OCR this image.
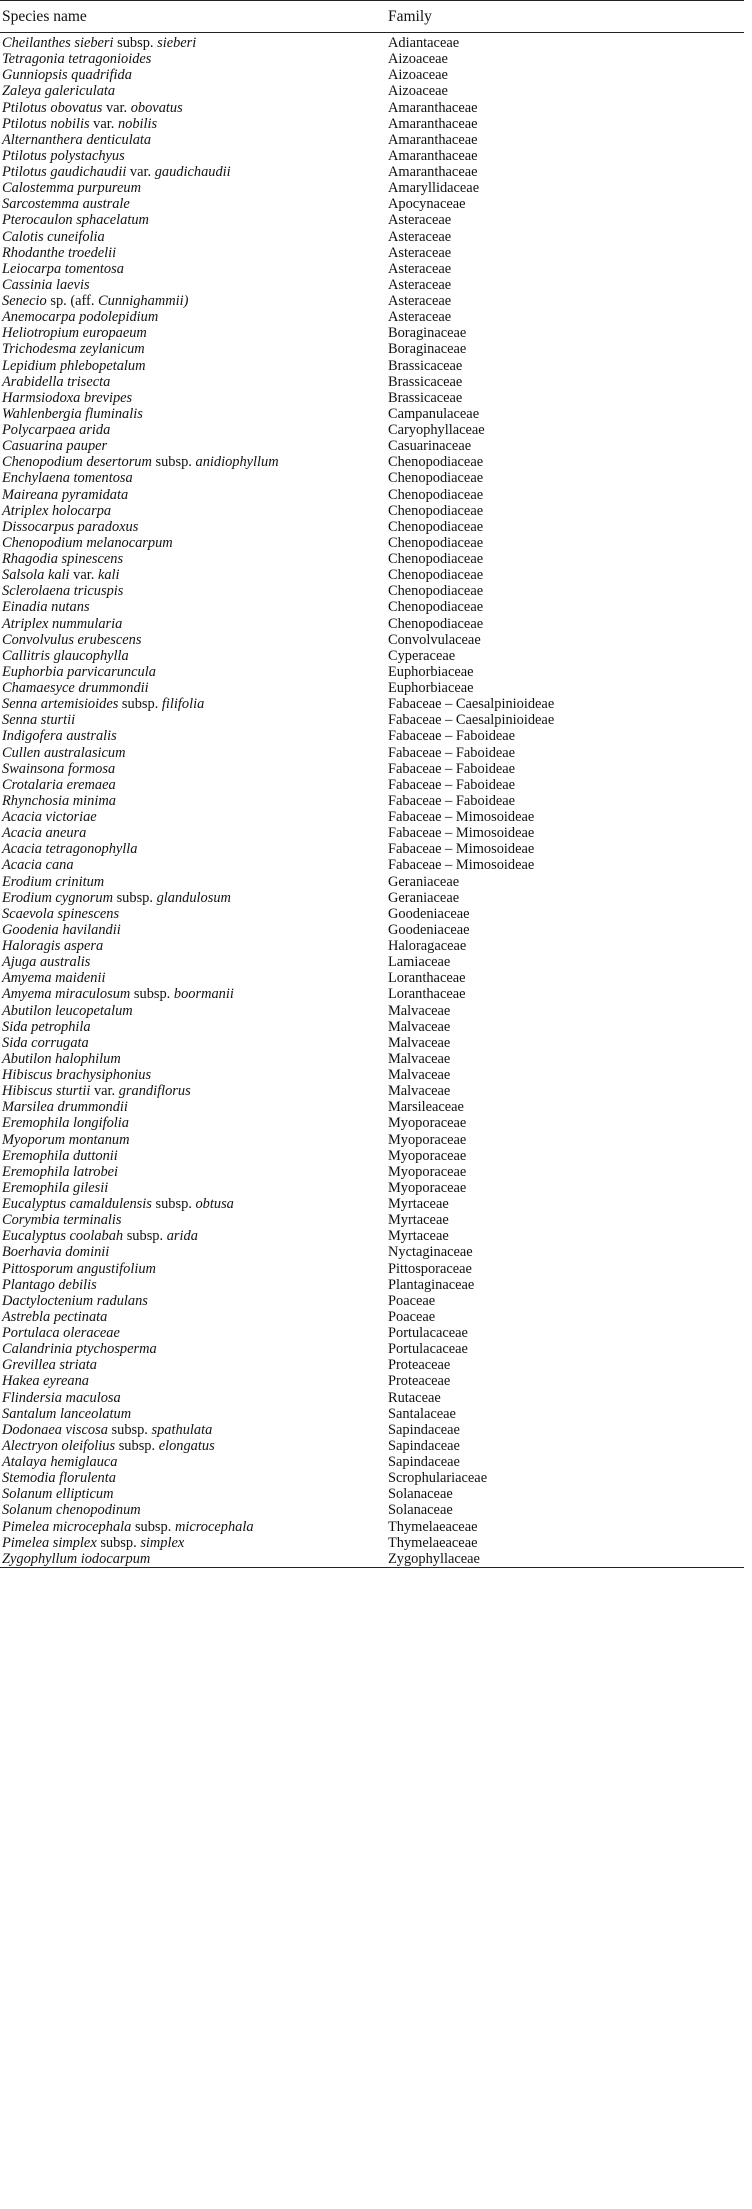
Species name	Family
Cheilanthes sieberi subsp. sieberi	Adiantaceae
Tetragonia tetragonioides	Aizoaceae
Gunniopsis quadrifida	Aizoaceae
Zaleya galericulata	Aizoaceae
Ptilotus obovatus var. obovatus	Amaranthaceae
Ptilotus nobilis var. nobilis	Amaranthaceae
Alternanthera denticulata	Amaranthaceae
Ptilotus polystachyus	Amaranthaceae
Ptilotus gaudichaudii var. gaudichaudii	Amaranthaceae
Calostemma purpureum	Amaryllidaceae
Sarcostemma australe	Apocynaceae
Pterocaulon sphacelatum	Asteraceae
Calotis cuneifolia	Asteraceae
Rhodanthe troedelii	Asteraceae
Leiocarpa tomentosa	Asteraceae
Cassinia laevis	Asteraceae
Senecio sp. (aff. Cunnighammii)	Asteraceae
Anemocarpa podolepidium	Asteraceae
Heliotropium europaeum	Boraginaceae
Trichodesma zeylanicum	Boraginaceae
Lepidium phlebopetalum	Brassicaceae
Arabidella trisecta	Brassicaceae
Harmsiodoxa brevipes	Brassicaceae
Wahlenbergia fluminalis	Campanulaceae
Polycarpaea arida	Caryophyllaceae
Casuarina pauper	Casuarinaceae
Chenopodium desertorum subsp. anidiophyllum	Chenopodiaceae
Enchylaena tomentosa	Chenopodiaceae
Maireana pyramidata	Chenopodiaceae
Atriplex holocarpa	Chenopodiaceae
Dissocarpus paradoxus	Chenopodiaceae
Chenopodium melanocarpum	Chenopodiaceae
Rhagodia spinescens	Chenopodiaceae
Salsola kali var. kali	Chenopodiaceae
Sclerolaena tricuspis	Chenopodiaceae
Einadia nutans	Chenopodiaceae
Atriplex nummularia	Chenopodiaceae
Convolvulus erubescens	Convolvulaceae
Callitris glaucophylla	Cyperaceae
Euphorbia parvicaruncula	Euphorbiaceae
Chamaesyce drummondii	Euphorbiaceae
Senna artemisioides subsp. filifolia	Fabaceae – Caesalpinioideae
Senna sturtii	Fabaceae – Caesalpinioideae
Indigofera australis	Fabaceae – Faboideae
Cullen australasicum	Fabaceae – Faboideae
Swainsona formosa	Fabaceae – Faboideae
Crotalaria eremaea	Fabaceae – Faboideae
Rhynchosia minima	Fabaceae – Faboideae
Acacia victoriae	Fabaceae – Mimosoideae
Acacia aneura	Fabaceae – Mimosoideae
Acacia tetragonophylla	Fabaceae – Mimosoideae
Acacia cana	Fabaceae – Mimosoideae
Erodium crinitum	Geraniaceae
Erodium cygnorum subsp. glandulosum	Geraniaceae
Scaevola spinescens	Goodeniaceae
Goodenia havilandii	Goodeniaceae
Haloragis aspera	Haloragaceae
Ajuga australis	Lamiaceae
Amyema maidenii	Loranthaceae
Amyema miraculosum subsp. boormanii	Loranthaceae
Abutilon leucopetalum	Malvaceae
Sida petrophila	Malvaceae
Sida corrugata	Malvaceae
Abutilon halophilum	Malvaceae
Hibiscus brachysiphonius	Malvaceae
Hibiscus sturtii var. grandiflorus	Malvaceae
Marsilea drummondii	Marsileaceae
Eremophila longifolia	Myoporaceae
Myoporum montanum	Myoporaceae
Eremophila duttonii	Myoporaceae
Eremophila latrobei	Myoporaceae
Eremophila gilesii	Myoporaceae
Eucalyptus camaldulensis subsp. obtusa	Myrtaceae
Corymbia terminalis	Myrtaceae
Eucalyptus coolabah subsp. arida	Myrtaceae
Boerhavia dominii	Nyctaginaceae
Pittosporum angustifolium	Pittosporaceae
Plantago debilis	Plantaginaceae
Dactyloctenium radulans	Poaceae
Astrebla pectinata	Poaceae
Portulaca oleraceae	Portulacaceae
Calandrinia ptychosperma	Portulacaceae
Grevillea striata	Proteaceae
Hakea eyreana	Proteaceae
Flindersia maculosa	Rutaceae
Santalum lanceolatum	Santalaceae
Dodonaea viscosa subsp. spathulata	Sapindaceae
Alectryon oleifolius subsp. elongatus	Sapindaceae
Atalaya hemiglauca	Sapindaceae
Stemodia florulenta	Scrophulariaceae
Solanum ellipticum	Solanaceae
Solanum chenopodinum	Solanaceae
Pimelea microcephala subsp. microcephala	Thymelaeaceae
Pimelea simplex subsp. simplex	Thymelaeaceae
Zygophyllum iodocarpum	Zygophyllaceae
